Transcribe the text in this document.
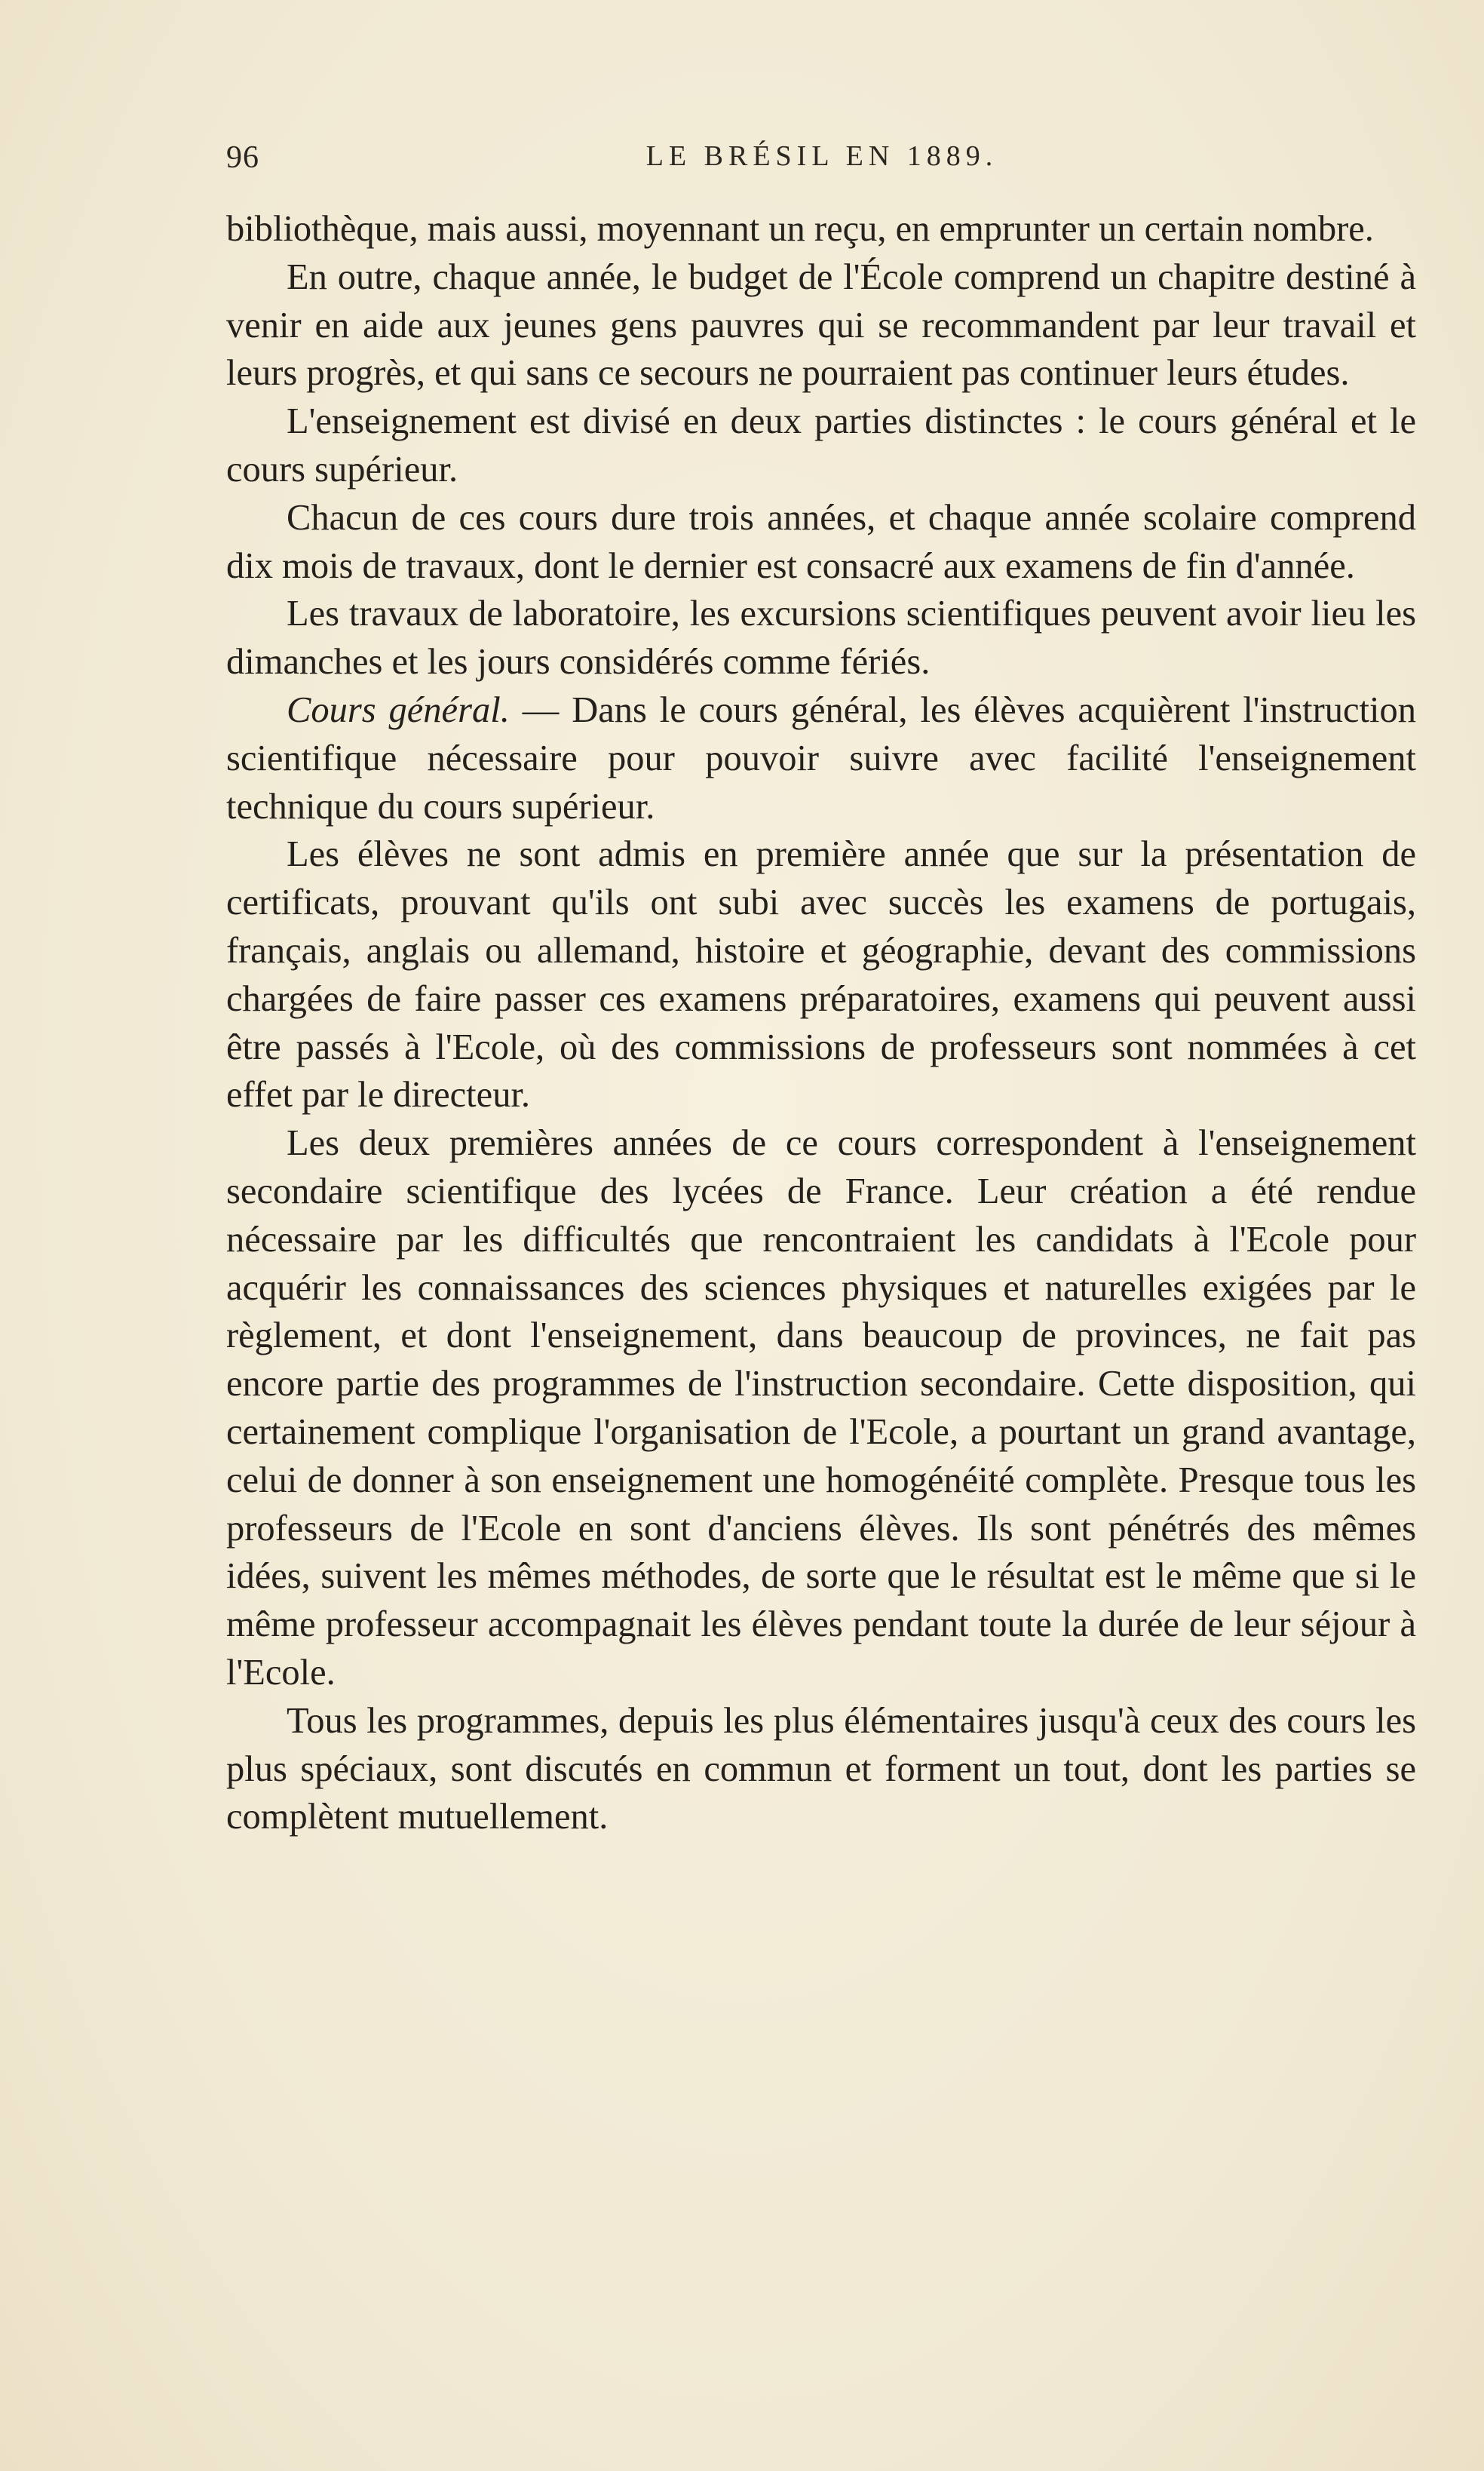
96	LE BRÉSIL EN 1889.

bibliothèque, mais aussi, moyennant un reçu, en emprunter un certain nombre.

En outre, chaque année, le budget de l'École comprend un chapitre destiné à venir en aide aux jeunes gens pauvres qui se recommandent par leur travail et leurs progrès, et qui sans ce secours ne pourraient pas continuer leurs études.

L'enseignement est divisé en deux parties distinctes : le cours général et le cours supérieur.

Chacun de ces cours dure trois années, et chaque année scolaire comprend dix mois de travaux, dont le dernier est consacré aux examens de fin d'année.

Les travaux de laboratoire, les excursions scientifiques peuvent avoir lieu les dimanches et les jours considérés comme fériés.

Cours général. — Dans le cours général, les élèves acquièrent l'instruction scientifique nécessaire pour pouvoir suivre avec facilité l'enseignement technique du cours supérieur.

Les élèves ne sont admis en première année que sur la présentation de certificats, prouvant qu'ils ont subi avec succès les examens de portugais, français, anglais ou allemand, histoire et géographie, devant des commissions chargées de faire passer ces examens préparatoires, examens qui peuvent aussi être passés à l'Ecole, où des commissions de professeurs sont nommées à cet effet par le directeur.

Les deux premières années de ce cours correspondent à l'enseignement secondaire scientifique des lycées de France. Leur création a été rendue nécessaire par les difficultés que rencontraient les candidats à l'Ecole pour acquérir les connaissances des sciences physiques et naturelles exigées par le règlement, et dont l'enseignement, dans beaucoup de provinces, ne fait pas encore partie des programmes de l'instruction secondaire. Cette disposition, qui certainement complique l'organisation de l'Ecole, a pourtant un grand avantage, celui de donner à son enseignement une homogénéité complète. Presque tous les professeurs de l'Ecole en sont d'anciens élèves. Ils sont pénétrés des mêmes idées, suivent les mêmes méthodes, de sorte que le résultat est le même que si le même professeur accompagnait les élèves pendant toute la durée de leur séjour à l'Ecole.

Tous les programmes, depuis les plus élémentaires jusqu'à ceux des cours les plus spéciaux, sont discutés en commun et forment un tout, dont les parties se complètent mutuellement.
